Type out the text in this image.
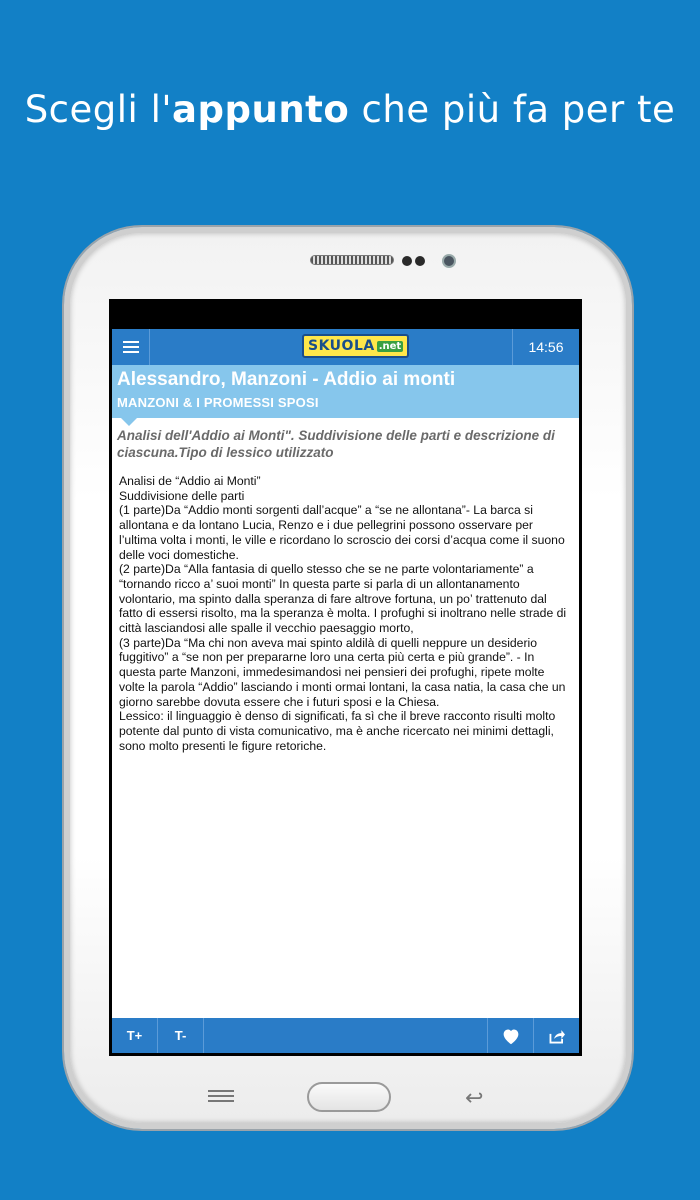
Scegli l'appunto che più fa per te
↩
SKUOLA .net	14:56
Alessandro, Manzoni - Addio ai monti
MANZONI & I PROMESSI SPOSI
Analisi dell'Addio ai Monti". Suddivisione delle parti e descrizione di ciascuna.Tipo di lessico utilizzato

Analisi de “Addio ai Monti”

Suddivisione delle parti

(1 parte)Da “Addio monti sorgenti dall’acque” a “se ne allontana”- La barca si allontana e da lontano Lucia, Renzo e i due pellegrini possono osservare per l’ultima volta i monti, le ville e ricordano lo scroscio dei corsi d’acqua come il suono delle voci domestiche.

(2 parte)Da “Alla fantasia di quello stesso che se ne parte volontariamente” a “tornando ricco a’ suoi monti” In questa parte si parla di un allontanamento volontario, ma spinto dalla speranza di fare altrove fortuna, un po’ trattenuto dal fatto di essersi risolto, ma la speranza è molta. I profughi si inoltrano nelle strade di città lasciandosi alle spalle il vecchio paesaggio morto,

(3 parte)Da “Ma chi non aveva mai spinto aldilà di quelli neppure un desiderio fuggitivo” a “se non per prepararne loro una certa più certa e più grande”. - In questa parte Manzoni, immedesimandosi nei pensieri dei profughi, ripete molte volte la parola “Addio” lasciando i monti ormai lontani, la casa natia, la casa che un giorno sarebbe dovuta essere che i futuri sposi e la Chiesa.

Lessico: il linguaggio è denso di significati, fa sì che il breve racconto risulti molto potente dal punto di vista comunicativo, ma è anche ricercato nei minimi dettagli, sono molto presenti le figure retoriche.

T+	T-
